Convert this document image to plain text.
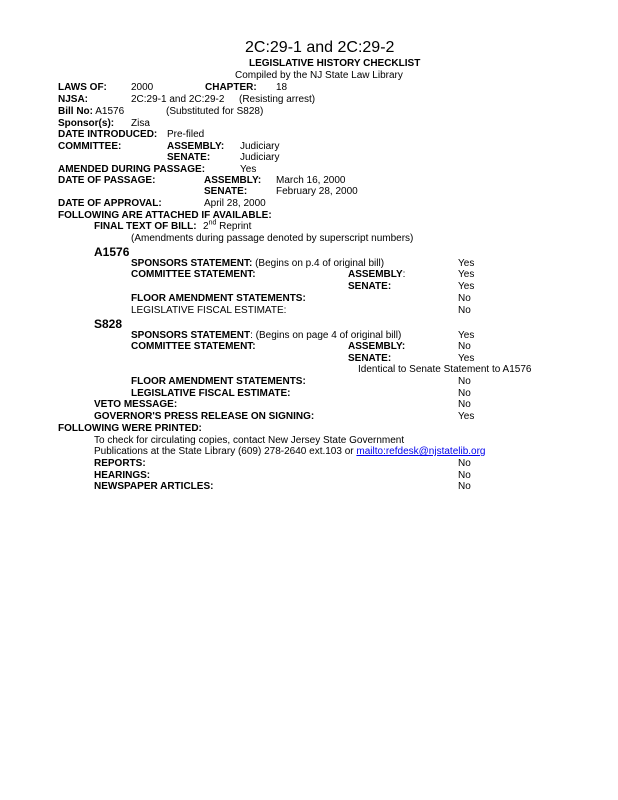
2C:29-1 and 2C:29-2
LEGISLATIVE HISTORY CHECKLIST
Compiled by the NJ State Law Library
LAWS OF: 2000	CHAPTER: 18
NJSA:	2C:29-1 and 2C:29-2 (Resisting arrest)
Bill No: A1576	(Substituted for S828)
Sponsor(s): Zisa
DATE INTRODUCED: Pre-filed
COMMITTEE:	ASSEMBLY: Judiciary
SENATE:	Judiciary
AMENDED DURING PASSAGE:	Yes
DATE OF PASSAGE:	ASSEMBLY: March 16, 2000
SENATE:	February 28, 2000
DATE OF APPROVAL:	April 28, 2000
FOLLOWING ARE ATTACHED IF AVAILABLE:
FINAL TEXT OF BILL: 2nd Reprint
(Amendments during passage denoted by superscript numbers)
A1576
SPONSORS STATEMENT: (Begins on p.4 of original bill)	Yes
COMMITTEE STATEMENT:	ASSEMBLY:	Yes
SENATE:	Yes
FLOOR AMENDMENT STATEMENTS:	No
LEGISLATIVE FISCAL ESTIMATE:	No
S828
SPONSORS STATEMENT: (Begins on page 4 of original bill)	Yes
COMMITTEE STATEMENT:	ASSEMBLY:	No
SENATE:	Yes
Identical to Senate Statement to A1576
FLOOR AMENDMENT STATEMENTS:	No
LEGISLATIVE FISCAL ESTIMATE:	No
VETO MESSAGE:	No
GOVERNOR'S PRESS RELEASE ON SIGNING:	Yes
FOLLOWING WERE PRINTED:
To check for circulating copies, contact New Jersey State Government
Publications at the State Library (609) 278-2640 ext.103 or mailto:refdesk@njstatelib.org
REPORTS:	No
HEARINGS:	No
NEWSPAPER ARTICLES:	No
